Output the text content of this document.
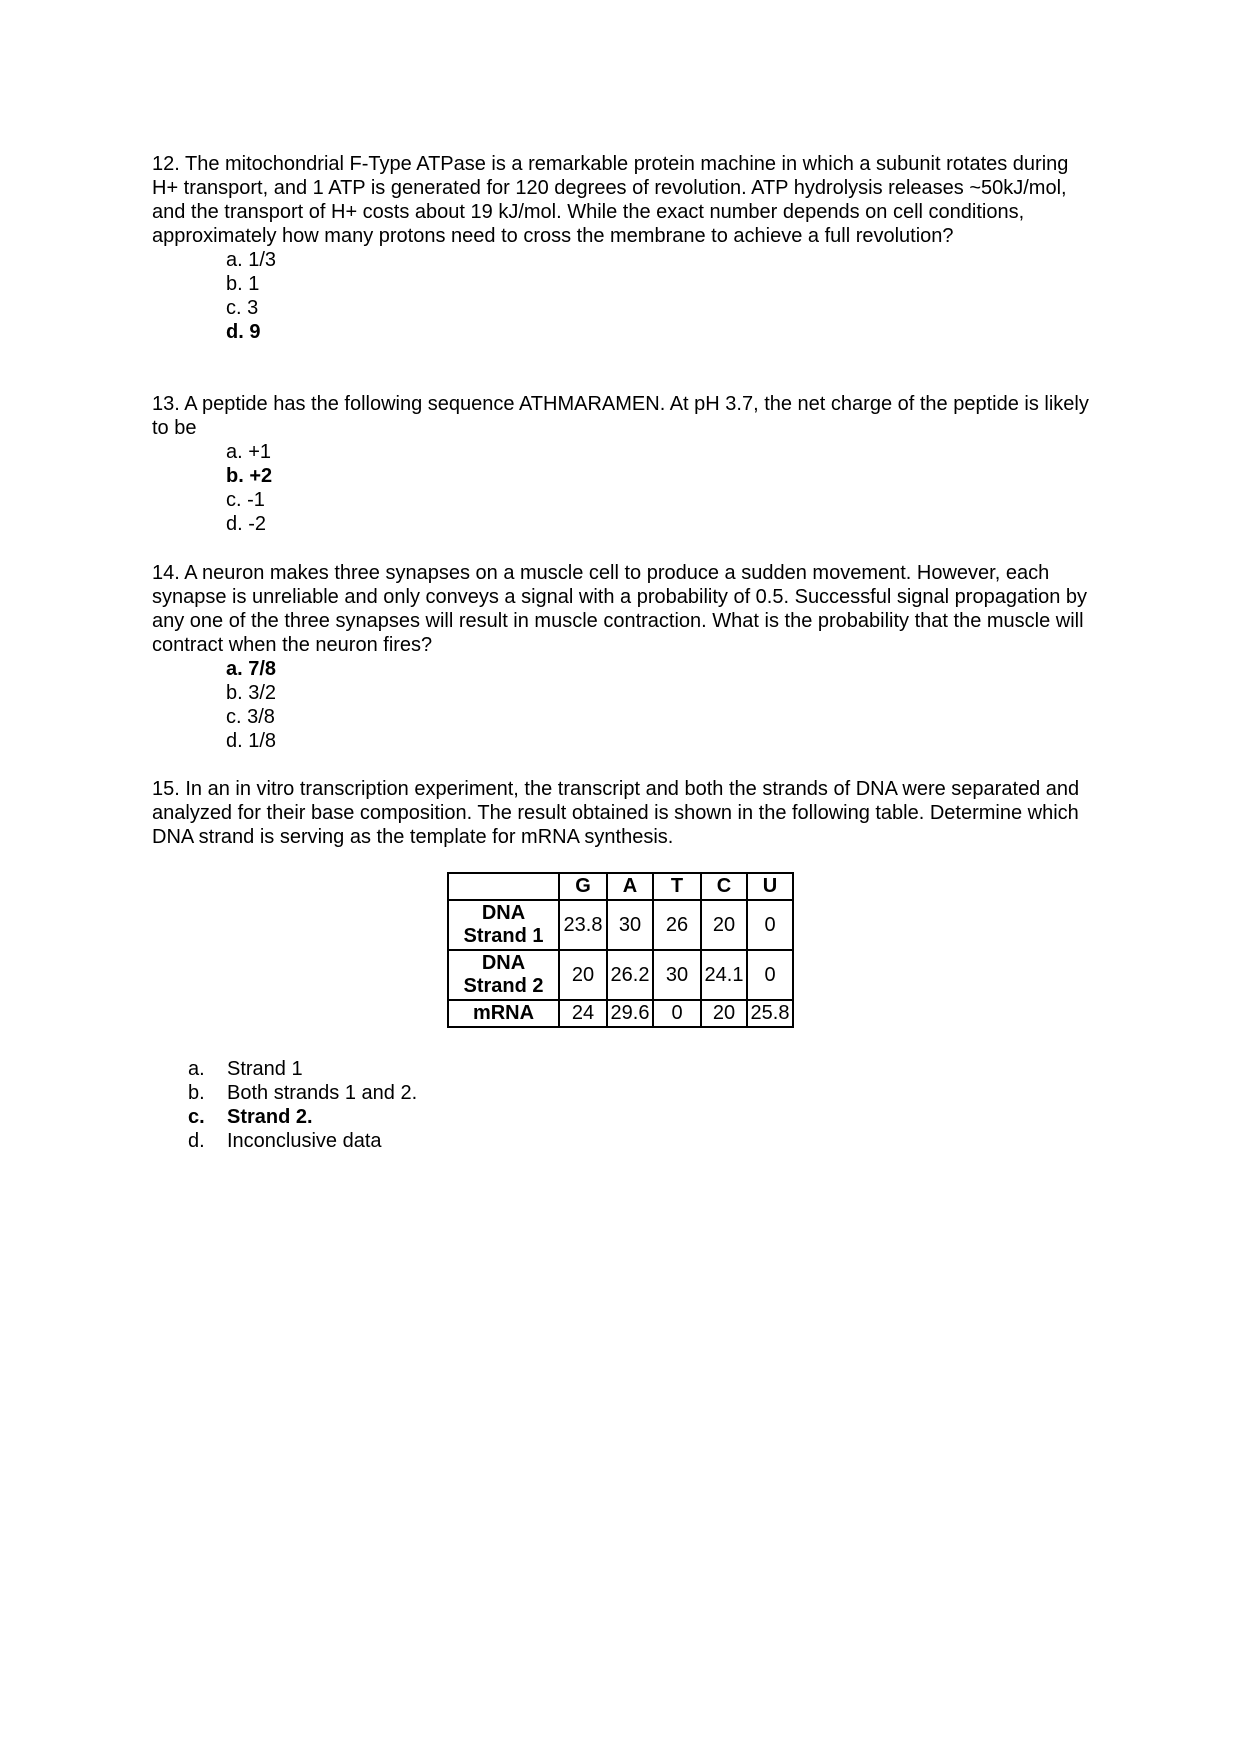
12. The mitochondrial F-Type ATPase is a remarkable protein machine in which a subunit rotates during H+ transport, and 1 ATP is generated for 120 degrees of revolution. ATP hydrolysis releases ~50kJ/mol, and the transport of H+ costs about 19 kJ/mol. While the exact number depends on cell conditions, approximately how many protons need to cross the membrane to achieve a full revolution?

a. 1/3
b. 1
c. 3
d. 9

13. A peptide has the following sequence ATHMARAMEN. At pH 3.7, the net charge of the peptide is likely to be

a. +1
b. +2
c. -1
d. -2

14. A neuron makes three synapses on a muscle cell to produce a sudden movement. However, each synapse is unreliable and only conveys a signal with a probability of 0.5. Successful signal propagation by any one of the three synapses will result in muscle contraction. What is the probability that the muscle will contract when the neuron fires?

a. 7/8
b. 3/2
c. 3/8
d. 1/8

15. In an in vitro transcription experiment, the transcript and both the strands of DNA were separated and analyzed for their base composition. The result obtained is shown in the following table. Determine which DNA strand is serving as the template for mRNA synthesis.

	G	A	T	C	U
DNA
Strand 1	23.8	30	26	20	0
DNA
Strand 2	20	26.2	30	24.1	0
mRNA	24	29.6	0	20	25.8
a.	Strand 1
b.	Both strands 1 and 2.
c.	Strand 2.
d.	Inconclusive data
